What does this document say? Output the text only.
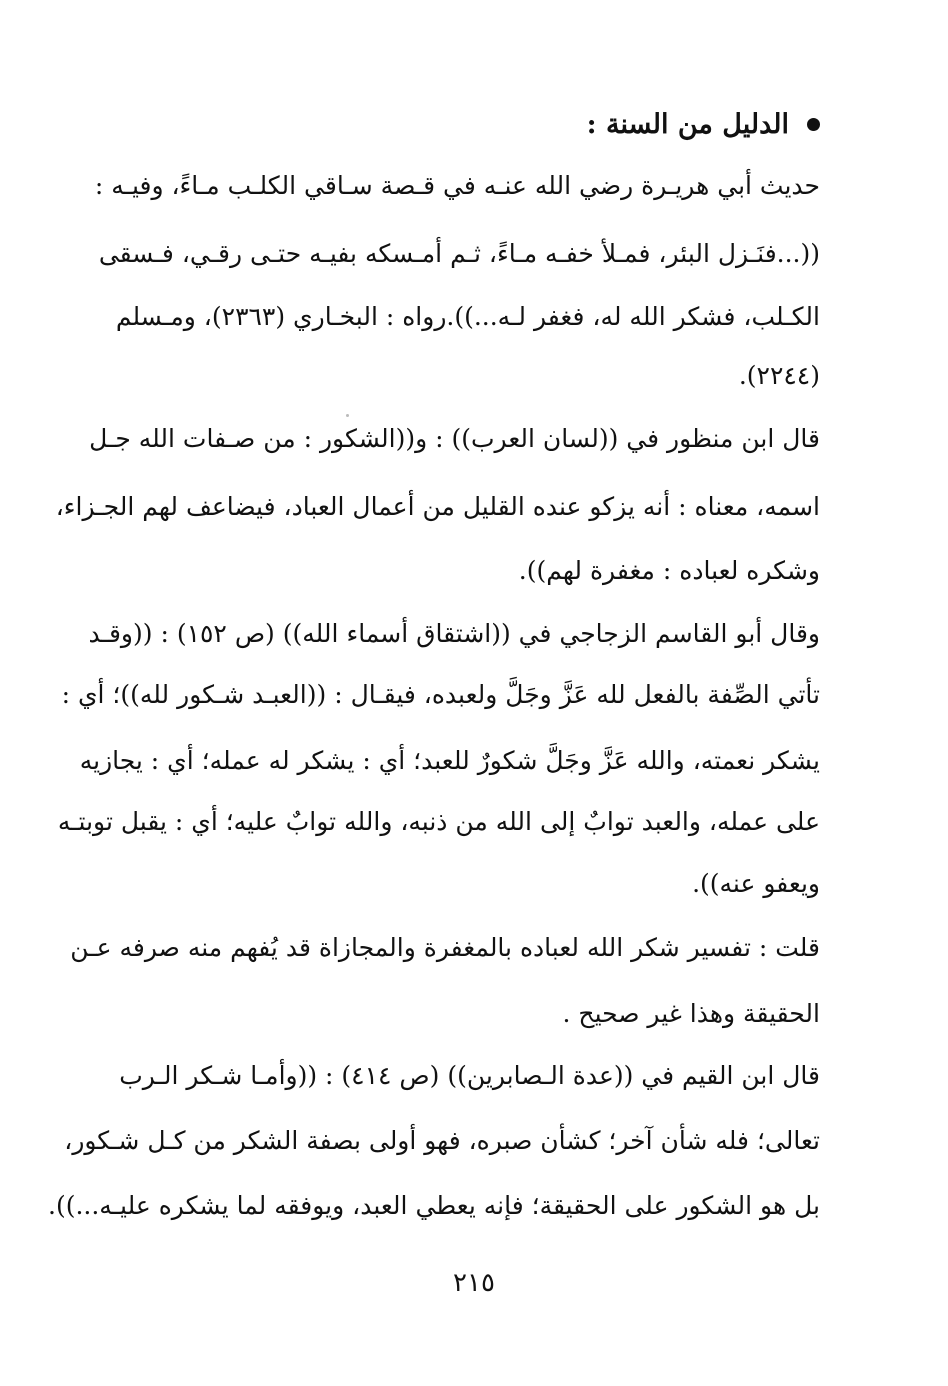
الدليل من السنة :
حديث أبي هريـرة رضي الله عنـه في قـصة سـاقي الكلـب مـاءً، وفيـه :
((...فنَـزل البئر، فمـلأ خفـه مـاءً، ثـم أمـسكه بفيـه حتـى رقـي، فـسقى
الكـلب، فشكر الله له، فغفر لـه...)).رواه : البخـاري (٢٣٦٣)، ومـسلم
(٢٢٤٤).
قال ابن منظور في ((لسان العرب)) : و((الشكور : من صـفات الله جـل
اسمه، معناه : أنه يزكو عنده القليل من أعمال العباد، فيضاعف لهم الجـزاء،
وشكره لعباده : مغفرة لهم)).
وقال أبو القاسم الزجاجي في ((اشتقاق أسماء الله)) (ص ١٥٢) : ((وقـد
تأتي الصِّفة بالفعل لله عَزَّ وجَلَّ ولعبده، فيقـال : ((العبـد شـكور لله))؛ أي :
يشكر نعمته، والله عَزَّ وجَلَّ شكورٌ للعبد؛ أي : يشكر له عمله؛ أي : يجازيه
على عمله، والعبد توابٌ إلى الله من ذنبه، والله توابٌ عليه؛ أي : يقبل توبتـه
ويعفو عنه)).
قلت : تفسير شكر الله لعباده بالمغفرة والمجازاة قد يُفهم منه صرفه عـن
الحقيقة وهذا غير صحيح .
قال ابن القيم في ((عدة الـصابرين)) (ص ٤١٤) : ((وأمـا شـكر الـرب
تعالى؛ فله شأن آخر؛ كشأن صبره، فهو أولى بصفة الشكر من كـل شـكور،
بل هو الشكور على الحقيقة؛ فإنه يعطي العبد، ويوفقه لما يشكره عليـه...)).
٢١٥
